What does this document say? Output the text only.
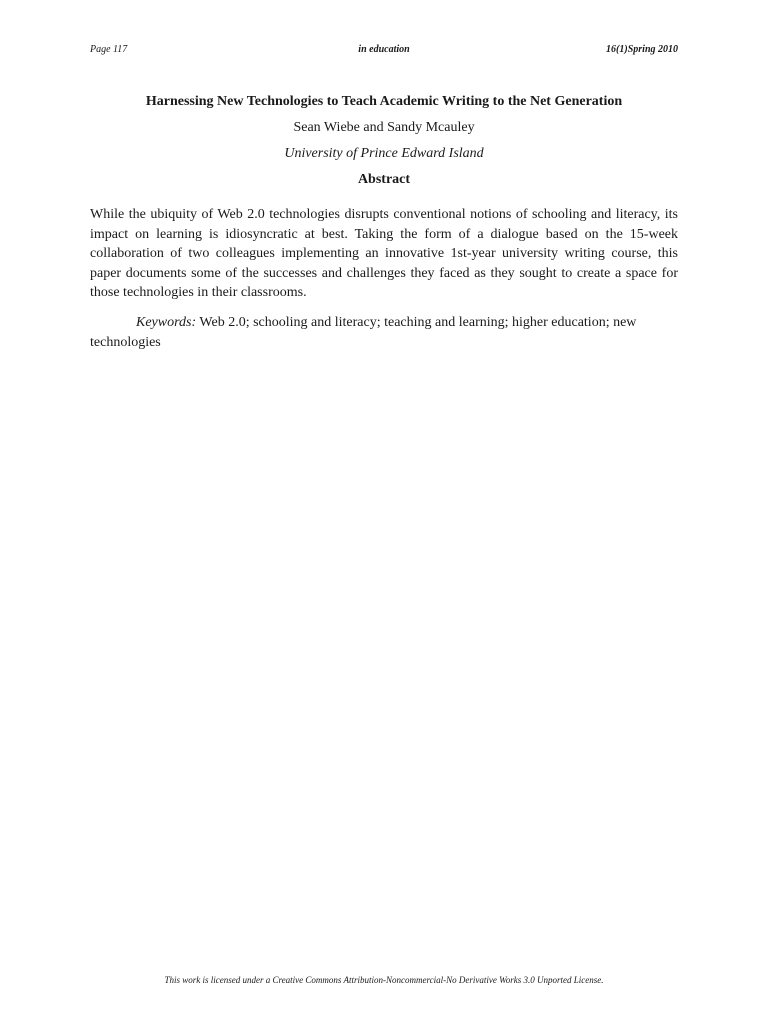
Page 117	in education	16(1)Spring 2010

Harnessing New Technologies to Teach Academic Writing to the Net Generation

Sean Wiebe and Sandy Mcauley

University of Prince Edward Island

Abstract

While the ubiquity of Web 2.0 technologies disrupts conventional notions of schooling and literacy, its impact on learning is idiosyncratic at best. Taking the form of a dialogue based on the 15-week collaboration of two colleagues implementing an innovative 1st-year university writing course, this paper documents some of the successes and challenges they faced as they sought to create a space for those technologies in their classrooms.

Keywords: Web 2.0; schooling and literacy; teaching and learning; higher education; new technologies

This work is licensed under a Creative Commons Attribution-Noncommercial-No Derivative Works 3.0 Unported License.
